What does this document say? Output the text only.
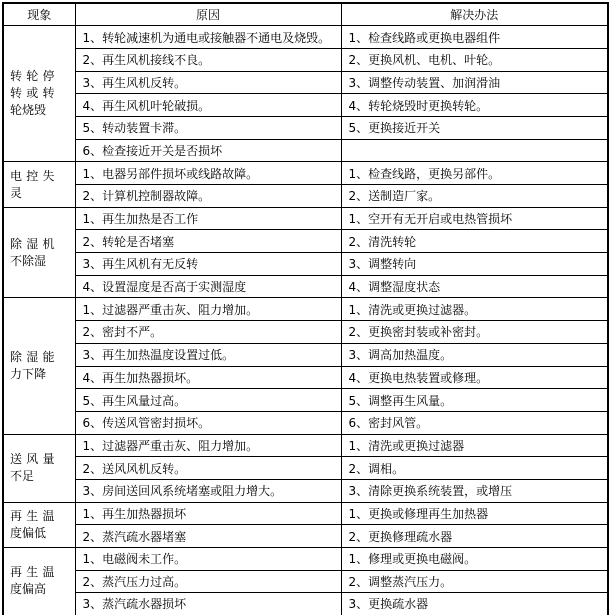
现象	原因	解决办法
转轮停转或转轮烧毁	1、转轮减速机为通电或接触器不通电及烧毁。	1、检查线路或更换电器组件
	2、再生风机接线不良。	2、更换风机、电机、叶轮。
	3、再生风机反转。	3、调整传动装置、加润滑油
	4、再生风机叶轮破损。	4、转轮烧毁时更换转轮。
	5、转动装置卡滞。	5、更换接近开关
	6、检查接近开关是否损坏	
电控失灵	1、电器另部件损坏或线路故障。	1、检查线路，更换另部件。
	2、计算机控制器故障。	2、送制造厂家。
除湿机不除湿	1、再生加热是否工作	1、空开有无开启或电热管损坏
	2、转轮是否堵塞	2、清洗转轮
	3、再生风机有无反转	3、调整转向
	4、设置湿度是否高于实测湿度	4、调整湿度状态
除湿能力下降	1、过滤器严重击灰、阻力增加。	1、清洗或更换过滤器。
	2、密封不严。	2、更换密封装或补密封。
	3、再生加热温度设置过低。	3、调高加热温度。
	4、再生加热器损坏。	4、更换电热装置或修理。
	5、再生风量过高。	5、调整再生风量。
	6、传送风管密封损坏。	6、密封风管。
送风量不足	1、过滤器严重击灰、阻力增加。	1、清洗或更换过滤器
	2、送风风机反转。	2、调相。
	3、房间送回风系统堵塞或阻力增大。	3、清除更换系统装置，或增压
再生温度偏低	1、再生加热器损坏	1、更换或修理再生加热器
	2、蒸汽疏水器堵塞	2、更换修理疏水器
再生温度偏高	1、电磁阀未工作。	1、修理或更换电磁阀。
	2、蒸汽压力过高。	2、调整蒸汽压力。
	3、蒸汽疏水器损坏	3、更换疏水器
